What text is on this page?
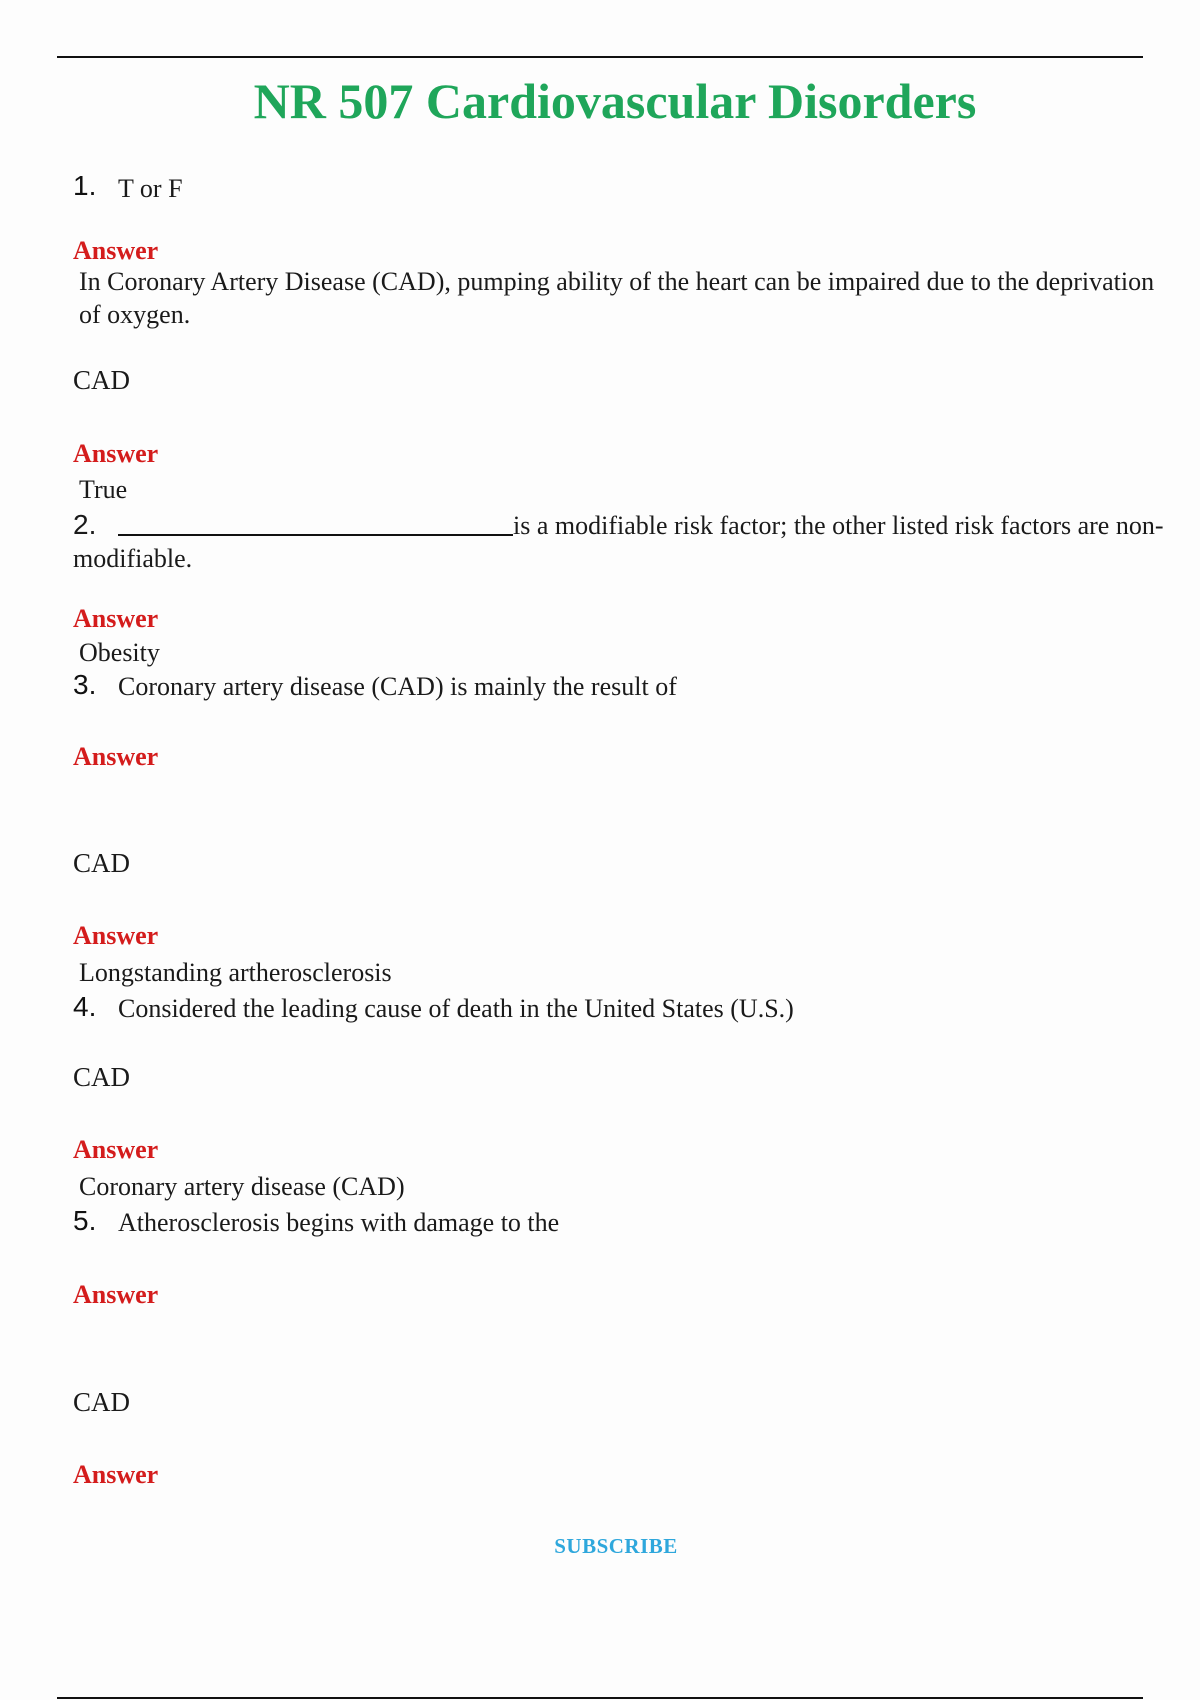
NR 507 Cardiovascular Disorders
1. T or F
Answer
In Coronary Artery Disease (CAD), pumping ability of the heart can be impaired due to the deprivation of oxygen.
CAD
Answer
True
2.	is a modifiable risk factor; the other listed risk factors are non-modifiable.
Answer
Obesity
3. Coronary artery disease (CAD) is mainly the result of
Answer
CAD
Answer
Longstanding artherosclerosis
4. Considered the leading cause of death in the United States (U.S.)
CAD
Answer
Coronary artery disease (CAD)
5. Atherosclerosis begins with damage to the
Answer
CAD
Answer
SUBSCRIBE
